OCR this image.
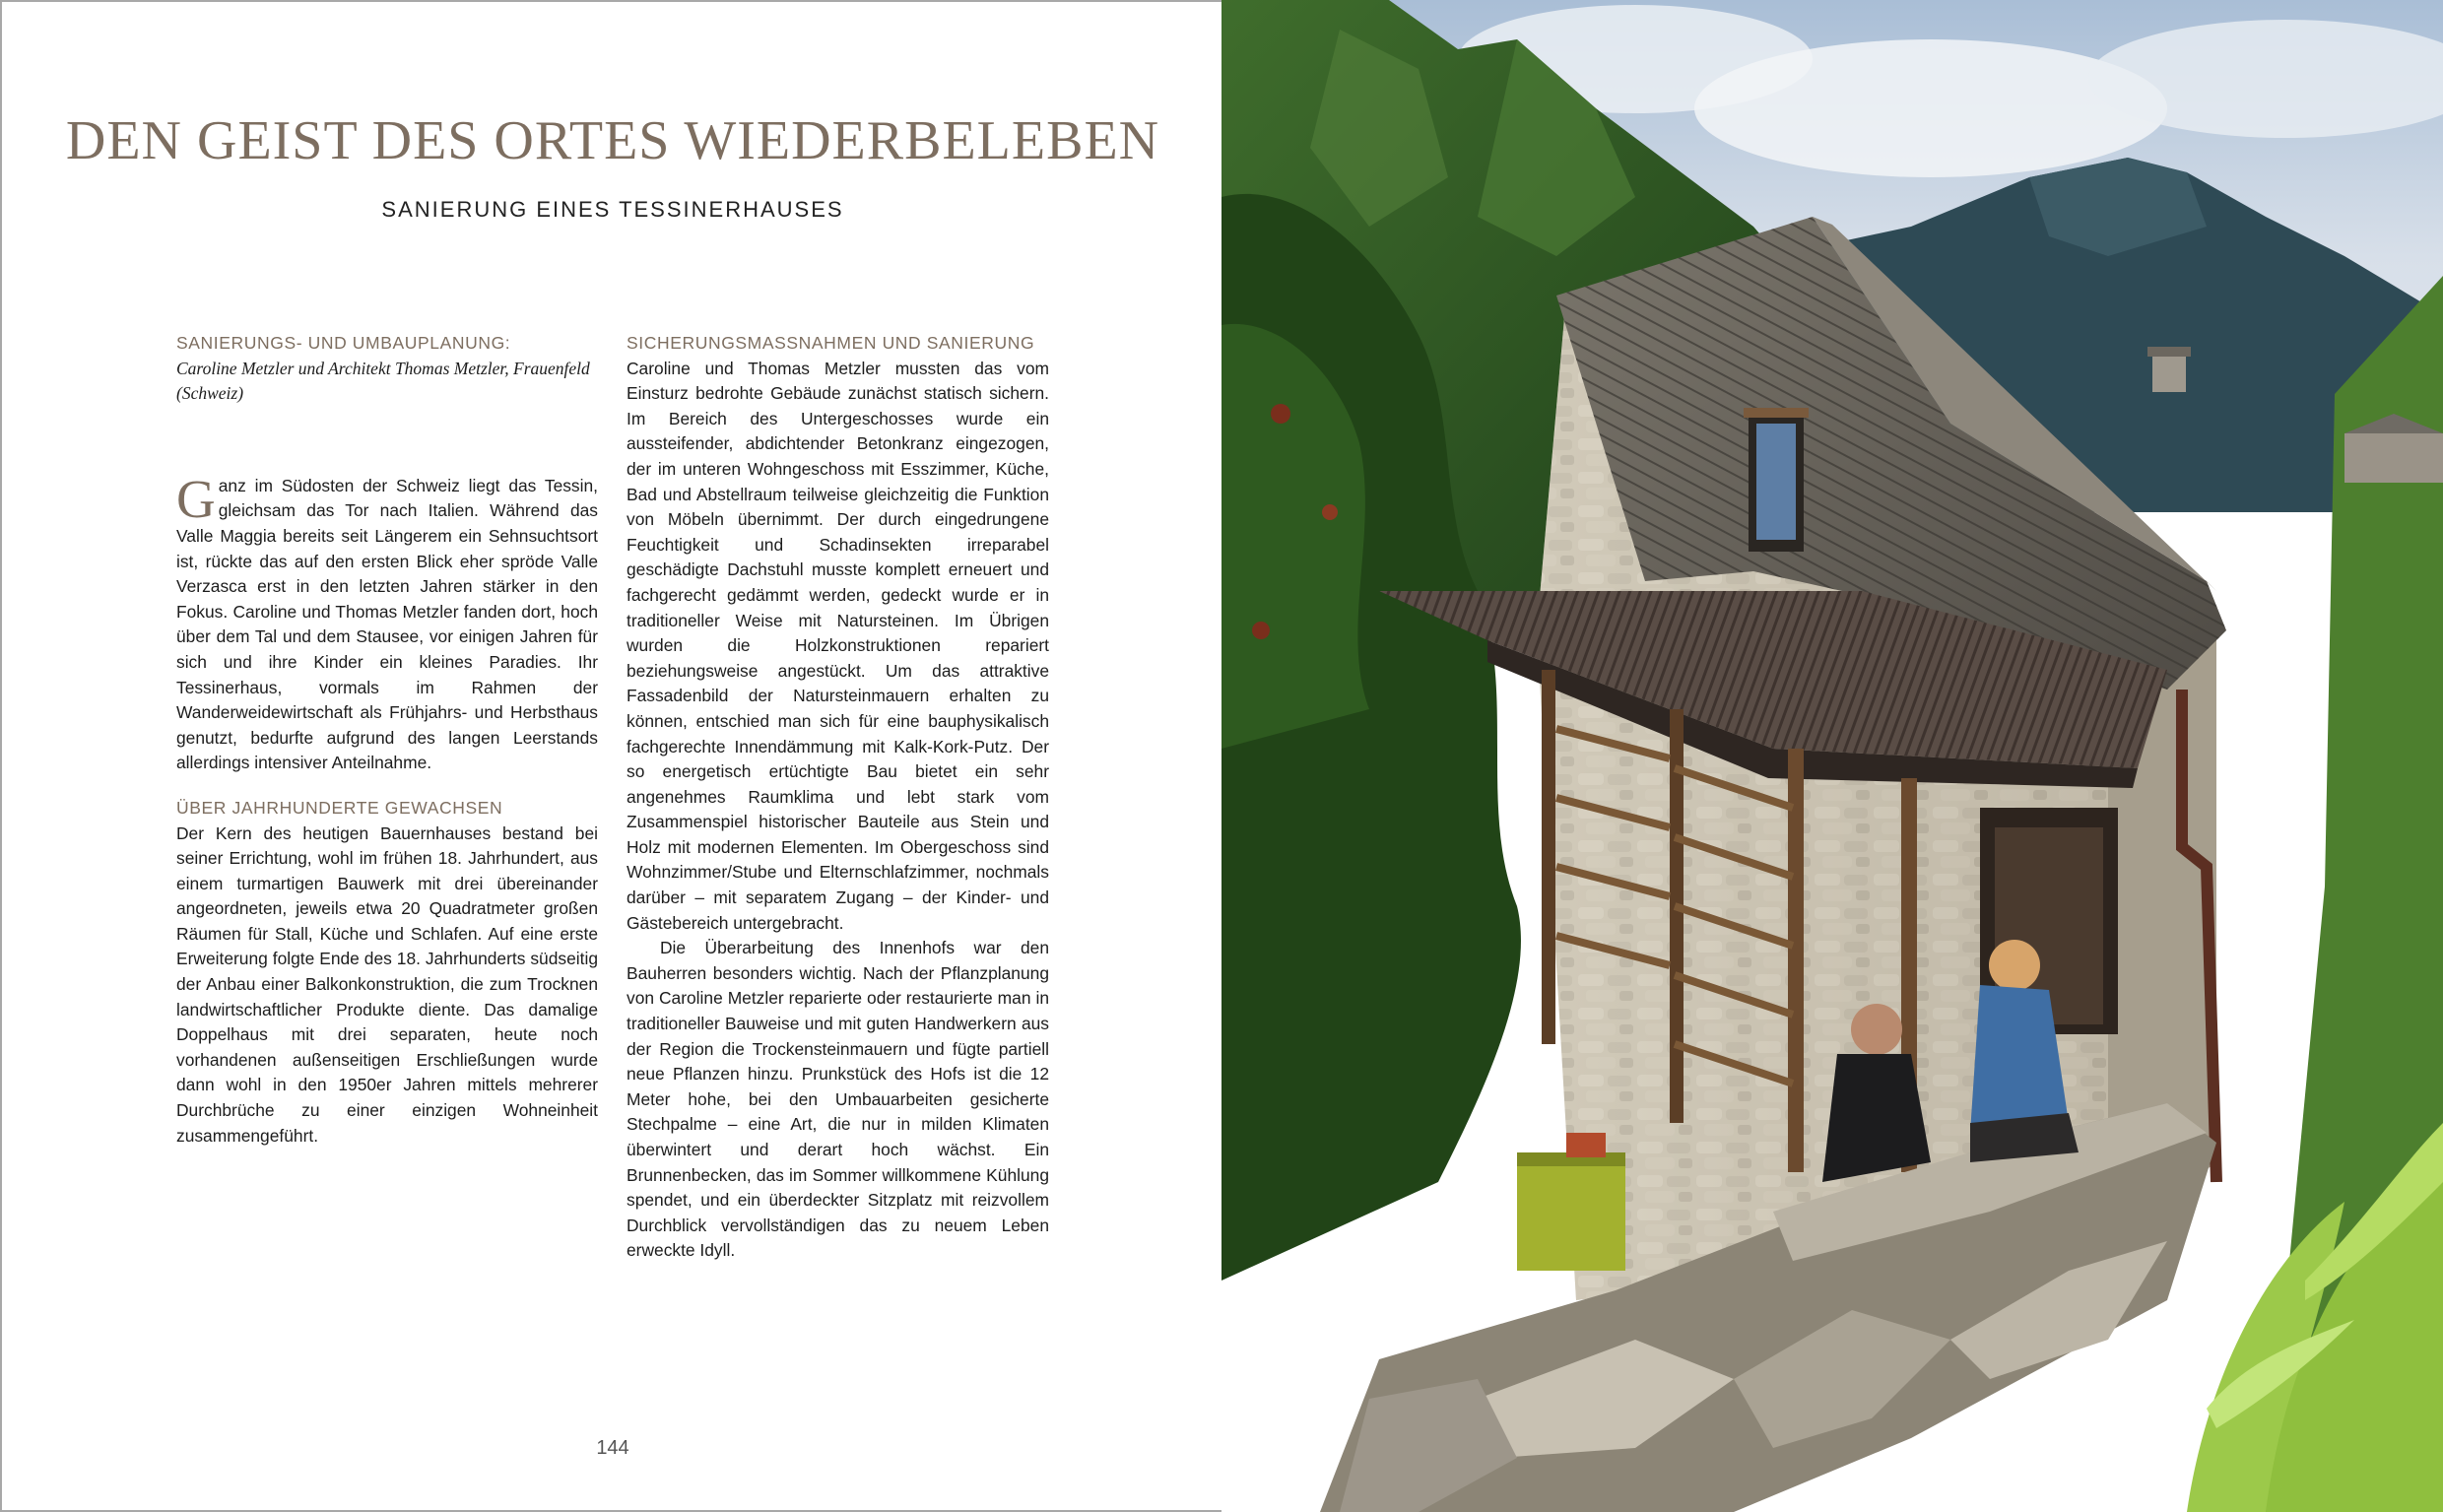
DEN GEIST DES ORTES WIEDERBELEBEN
SANIERUNG EINES TESSINERHAUSES

SANIERUNGS- UND UMBAUPLANUNG:

Caroline Metzler und Architekt Thomas Metzler, Frauenfeld (Schweiz)

Ganz im Südosten der Schweiz liegt das Tessin, gleichsam das Tor nach Italien. Während das Valle Maggia bereits seit Längerem ein Sehnsuchtsort ist, rückte das auf den ersten Blick eher spröde Valle Verzasca erst in den letzten Jahren stärker in den Fokus. Caroline und Thomas Metzler fanden dort, hoch über dem Tal und dem Stausee, vor einigen Jahren für sich und ihre Kinder ein kleines Paradies. Ihr Tessinerhaus, vormals im Rahmen der Wanderweidewirtschaft als Frühjahrs- und Herbsthaus genutzt, bedurfte aufgrund des langen Leerstands allerdings intensiver Anteilnahme.

ÜBER JAHRHUNDERTE GEWACHSEN

Der Kern des heutigen Bauernhauses bestand bei seiner Errichtung, wohl im frühen 18. Jahrhundert, aus einem turmartigen Bauwerk mit drei übereinander angeordneten, jeweils etwa 20 Quadratmeter großen Räumen für Stall, Küche und Schlafen. Auf eine erste Erweiterung folgte Ende des 18. Jahrhunderts südseitig der Anbau einer Balkonkonstruktion, die zum Trocknen landwirtschaftlicher Produkte diente. Das damalige Doppelhaus mit drei separaten, heute noch vorhandenen außenseitigen Erschließungen wurde dann wohl in den 1950er Jahren mittels mehrerer Durchbrüche zu einer einzigen Wohneinheit zusammengeführt.

SICHERUNGSMASSNAHMEN UND SANIERUNG

Caroline und Thomas Metzler mussten das vom Einsturz bedrohte Gebäude zunächst statisch sichern. Im Bereich des Untergeschosses wurde ein aussteifender, abdichtender Betonkranz eingezogen, der im unteren Wohngeschoss mit Esszimmer, Küche, Bad und Abstellraum teilweise gleichzeitig die Funktion von Möbeln übernimmt. Der durch eingedrungene Feuchtigkeit und Schadinsekten irreparabel geschädigte Dachstuhl musste komplett erneuert und fachgerecht gedämmt werden, gedeckt wurde er in traditioneller Weise mit Natursteinen. Im Übrigen wurden die Holzkonstruktionen repariert beziehungsweise angestückt. Um das attraktive Fassadenbild der Natursteinmauern erhalten zu können, entschied man sich für eine bauphysikalisch fachgerechte Innendämmung mit Kalk-Kork-Putz. Der so energetisch ertüchtigte Bau bietet ein sehr angenehmes Raumklima und lebt stark vom Zusammenspiel historischer Bauteile aus Stein und Holz mit modernen Elementen. Im Obergeschoss sind Wohnzimmer/Stube und Elternschlafzimmer, nochmals darüber – mit separatem Zugang – der Kinder- und Gästebereich untergebracht.

Die Überarbeitung des Innenhofs war den Bauherren besonders wichtig. Nach der Pflanzplanung von Caroline Metzler reparierte oder restaurierte man in traditioneller Bauweise und mit guten Handwerkern aus der Region die Trockensteinmauern und fügte partiell neue Pflanzen hinzu. Prunkstück des Hofs ist die 12 Meter hohe, bei den Umbauarbeiten gesicherte Stechpalme – eine Art, die nur in milden Klimaten überwintert und derart hoch wächst. Ein Brunnenbecken, das im Sommer willkommene Kühlung spendet, und ein überdeckter Sitzplatz mit reizvollem Durchblick vervollständigen das zu neuem Leben erweckte Idyll.

144
